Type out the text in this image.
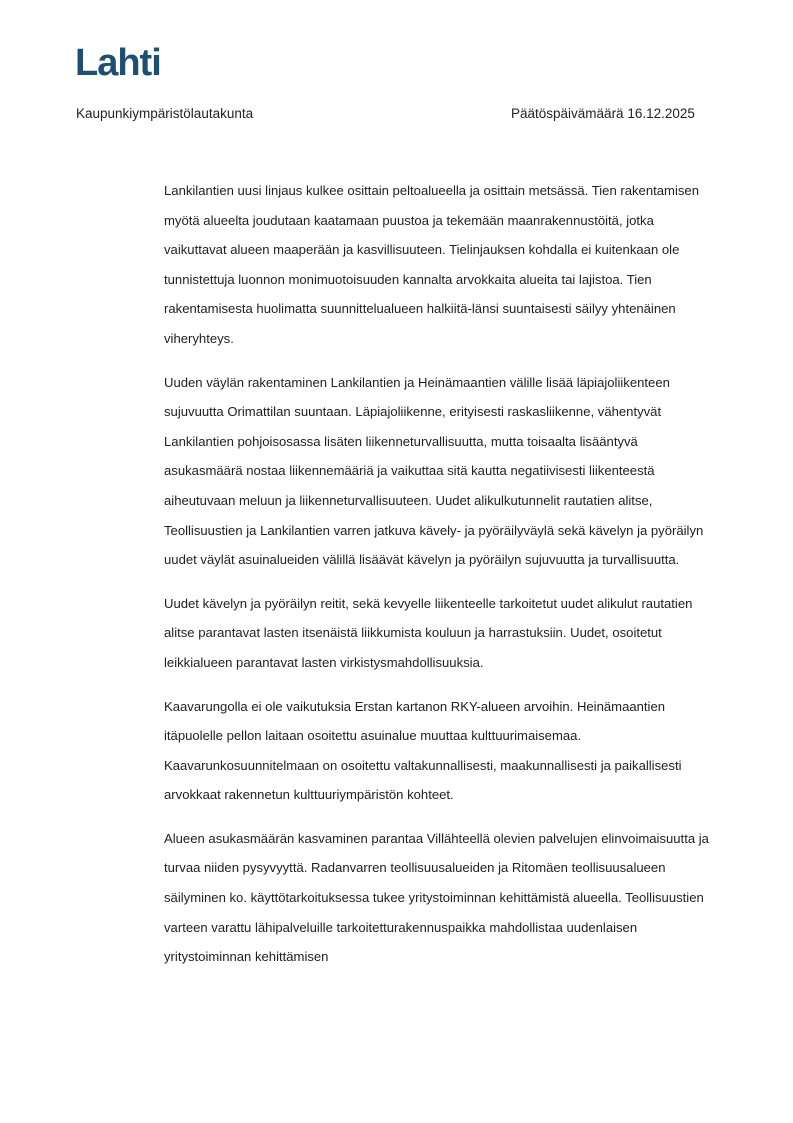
Lahti
Kaupunkiympäristölautakunta	Päätöspäivämäärä 16.12.2025

Lankilantien uusi linjaus kulkee osittain peltoalueella ja osittain metsässä. Tien rakentamisen myötä alueelta joudutaan kaatamaan puustoa ja tekemään maanrakennustöitä, jotka vaikuttavat alueen maaperään ja kasvillisuuteen. Tielinjauksen kohdalla ei kuitenkaan ole tunnistettuja luonnon monimuotoisuuden kannalta arvokkaita alueita tai lajistoa. Tien rakentamisesta huolimatta suunnittelualueen halkiitä-länsi suuntaisesti säilyy yhtenäinen viheryhteys.

Uuden väylän rakentaminen Lankilantien ja Heinämaantien välille lisää läpiajoliikenteen sujuvuutta Orimattilan suuntaan. Läpiajoliikenne, erityisesti raskasliikenne, vähentyvät Lankilantien pohjoisosassa lisäten liikenneturvallisuutta, mutta toisaalta lisääntyvä asukasmäärä nostaa liikennemääriä ja vaikuttaa sitä kautta negatiivisesti liikenteestä aiheutuvaan meluun ja liikenneturvallisuuteen. Uudet alikulkutunnelit rautatien alitse, Teollisuustien ja Lankilantien varren jatkuva kävely- ja pyöräilyväylä sekä kävelyn ja pyöräilyn uudet väylät asuinalueiden välillä lisäävät kävelyn ja pyöräilyn sujuvuutta ja turvallisuutta.

Uudet kävelyn ja pyöräilyn reitit, sekä kevyelle liikenteelle tarkoitetut uudet alikulut rautatien alitse parantavat lasten itsenäistä liikkumista kouluun ja harrastuksiin. Uudet, osoitetut leikkialueen parantavat lasten virkistysmahdollisuuksia.

Kaavarungolla ei ole vaikutuksia Erstan kartanon RKY-alueen arvoihin. Heinämaantien itäpuolelle pellon laitaan osoitettu asuinalue muuttaa kulttuurimaisemaa. Kaavarunkosuunnitelmaan on osoitettu valtakunnallisesti, maakunnallisesti ja paikallisesti arvokkaat rakennetun kulttuuriympäristön kohteet.

Alueen asukasmäärän kasvaminen parantaa Villähteellä olevien palvelujen elinvoimaisuutta ja turvaa niiden pysyvyyttä. Radanvarren teollisuusalueiden ja Ritomäen teollisuusalueen säilyminen ko. käyttötarkoituksessa tukee yritystoiminnan kehittämistä alueella. Teollisuustien varteen varattu lähipalveluille tarkoitetturakennuspaikka mahdollistaa uudenlaisen yritystoiminnan kehittämisen
